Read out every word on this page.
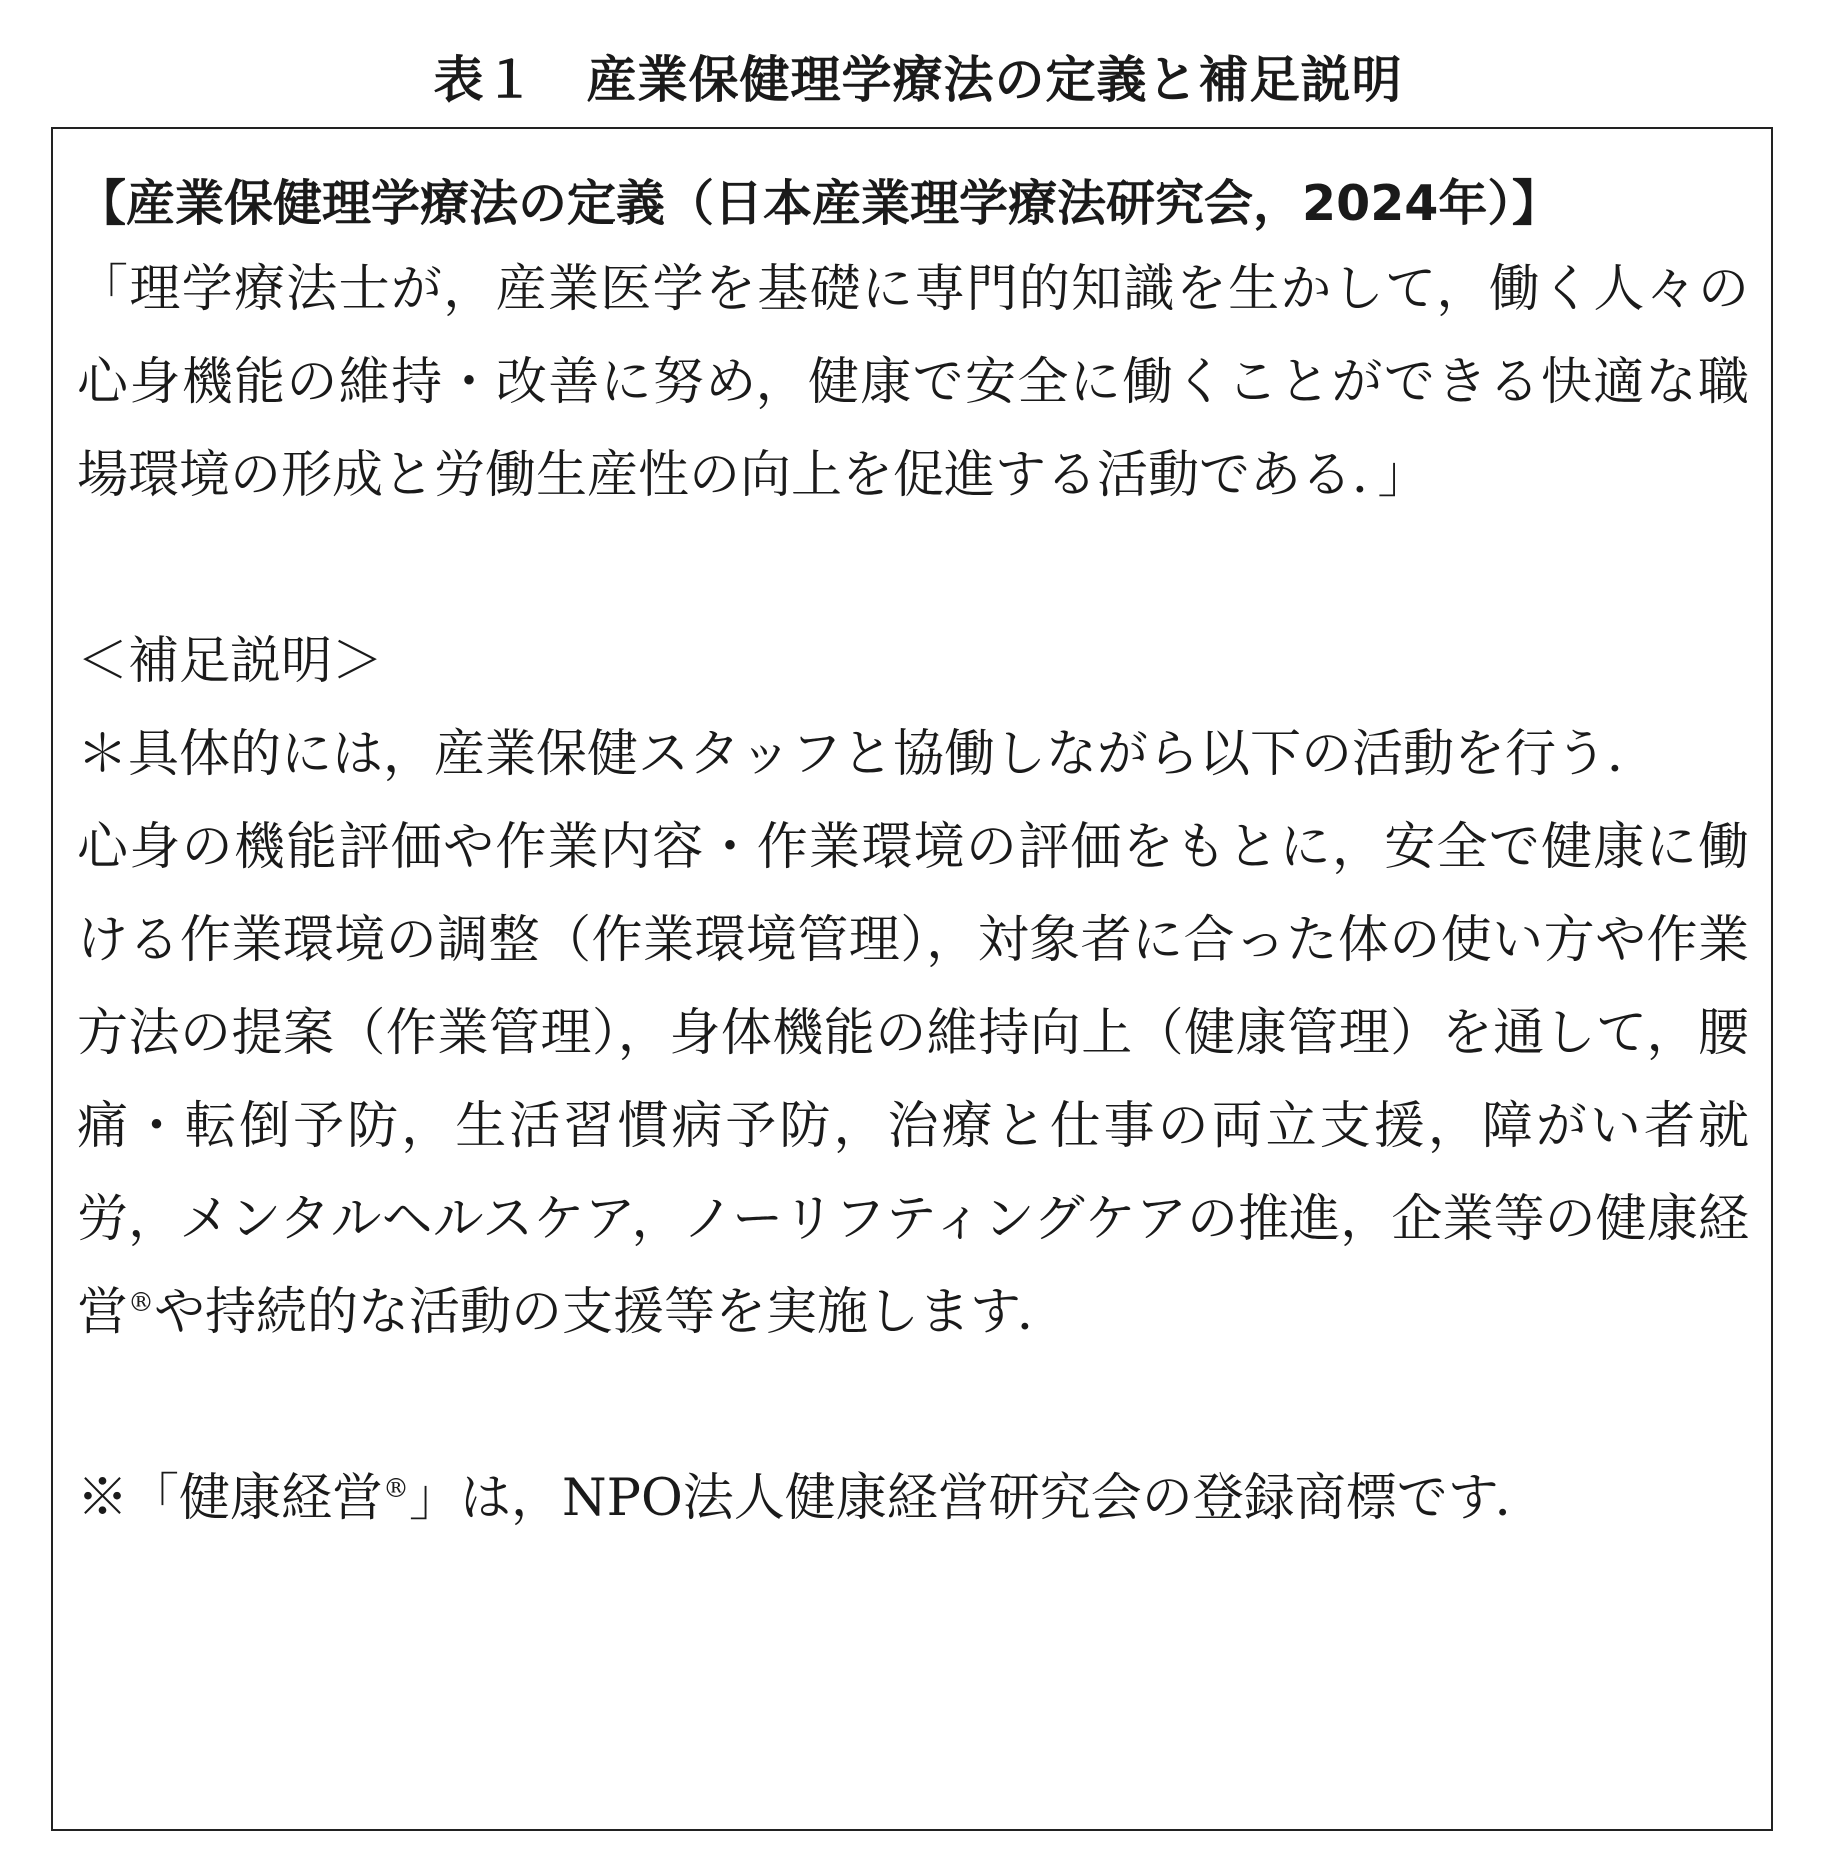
表１　産業保健理学療法の定義と補足説明

【産業保健理学療法の定義（日本産業理学療法研究会，2024年）】

「理学療法士が，産業医学を基礎に専門的知識を生かして，働く人々の心身機能の維持・改善に努め，健康で安全に働くことができる快適な職場環境の形成と労働生産性の向上を促進する活動である．」

＜補足説明＞

＊具体的には，産業保健スタッフと協働しながら以下の活動を行う．

心身の機能評価や作業内容・作業環境の評価をもとに，安全で健康に働ける作業環境の調整（作業環境管理），対象者に合った体の使い方や作業方法の提案（作業管理），身体機能の維持向上（健康管理）を通して，腰痛・転倒予防，生活習慣病予防，治療と仕事の両立支援，障がい者就労，メンタルヘルスケア，ノーリフティングケアの推進，企業等の健康経営®や持続的な活動の支援等を実施します．

※「健康経営®」は，NPO法人健康経営研究会の登録商標です．
